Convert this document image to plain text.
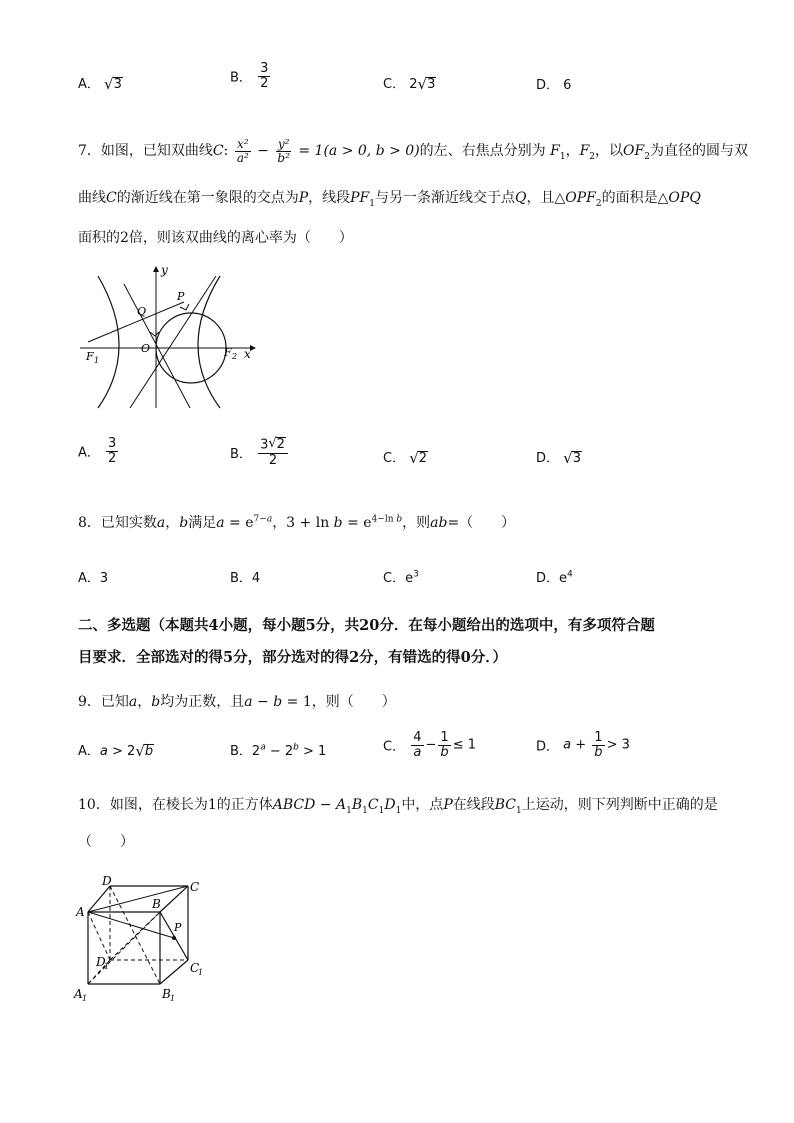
A． √ 3	B． $\frac{3}{2}$	C． 2 √ 3	D． 6
7．如图，已知双曲线C: $\frac{\text{x²}}{\text{a²}} - \frac{\text{y²}}{\text{b²}} = 1(a > 0$, b > 0)的左、右焦点分别为 $F_1$，$F_2$，以$OF_2$为直径的圆与双
曲线C的渐近线在第一象限的交点为P，线段$PF_1$与另一条渐近线交于点Q，且$\triangle OPF_2$的面积是△OPQ
面积的2倍，则该双曲线的离心率为（　　）
y
x
P
Q
O
F 1
F 2
A． $\frac{3}{2}$	B． $\frac{3 √ 2}{2}$	C． √ 2	D． √ 3
8．已知实数a，b满足$a = e^{7-a}$，$3 + \ln b = e^{4-ln b}$，则ab=（　　）
A．3	B．4	C．$e^3$	D．$e^4$
二、多选题（本题共4小题，每小题5分，共20分．在每小题给出的选项中，有多项符合题
目要求．全部选对的得5分，部分选对的得2分，有错选的得0分．）
9．已知a，b均为正数，且a − b = 1，则（　　）
A．a > 2 √ b	B．$2^a - 2^b > 1$	C． $\frac{4}{a} - \frac{1}{b} \le 1$	D． $a + \frac{1}{b} > 3$
10．如图，在棱长为1的正方体ABCD − $A_1B_1C_1D_1$中，点P在线段$BC_1$上运动，则下列判断中正确的是
（　　）
A
D	C
B
P
D
1	C
1
A 1	B 1
